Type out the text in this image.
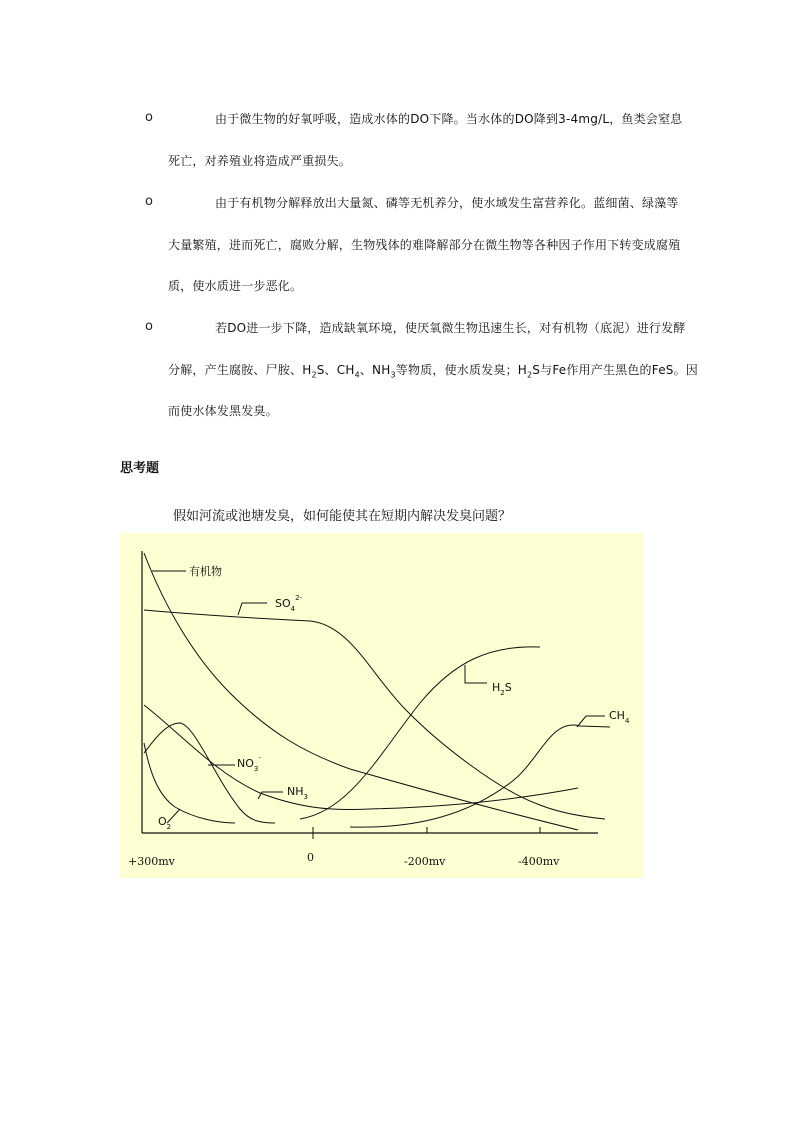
o	由于微生物的好氧呼吸，造成水体的DO下降。当水体的DO降到3-4mg/L，鱼类会窒息
死亡，对养殖业将造成严重损失。
o	由于有机物分解释放出大量氮、磷等无机养分，使水域发生富营养化。蓝细菌、绿藻等
大量繁殖，进而死亡，腐败分解，生物残体的难降解部分在微生物等各种因子作用下转变成腐殖
质，使水质进一步恶化。
o	若DO进一步下降，造成缺氧环境，使厌氧微生物迅速生长，对有机物（底泥）进行发酵
分解，产生腐胺、尸胺、$H_2S$、$CH_4$、$NH_3$等物质，使水质发臭；$H_2S$与Fe作用产生黑色的FeS。因
而使水体发黑发臭。
思考题
假如河流或池塘发臭，如何能使其在短期内解决发臭问题？
+300mv	0	-200mv	-400mv
有机物
$SO_4^{2-}$
$H_2S$
$CH_4$
$NO_3^-$
$NH_3$
$O_2$
